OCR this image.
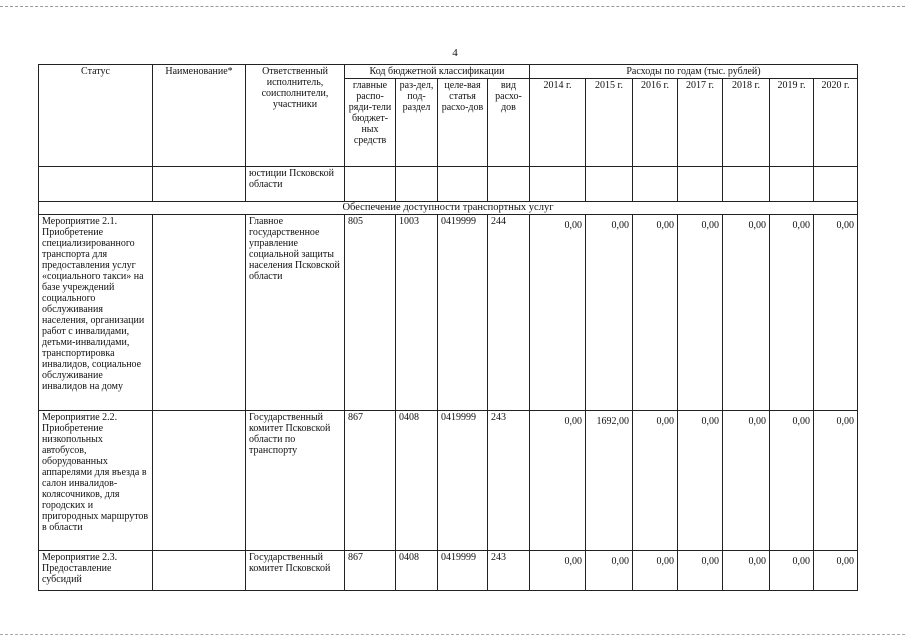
4
Статус	Наименование*	Ответственный исполнитель, соисполнители, участники	Код бюджетной классификации				Расходы по годам (тыс. рублей)						
			главные распо-ряди-тели бюджет-ных средств	раз-дел, под-раздел	целе-вая статья расхо-дов	вид расхо-дов	2014 г.	2015 г.	2016 г.	2017 г.	2018 г.	2019 г.	2020 г.
		юстиции Псковской области											
Обеспечение доступности транспортных услуг													
Мероприятие 2.1. Приобретение специализированного транспорта для предоставления услуг «социального такси» на базе учреждений социального обслуживания населения, организации работ с инвалидами, детьми-инвалидами, транспортировка инвалидов, социальное обслуживание инвалидов на дому		Главное государственное управление социальной защиты населения Псковской области	805	1003	0419999	244	0,00	0,00	0,00	0,00	0,00	0,00	0,00
Мероприятие 2.2. Приобретение низкопольных автобусов, оборудованных аппарелями для въезда в салон инвалидов-колясочников, для городских и пригородных маршрутов в области		Государственный комитет Псковской области по транспорту	867	0408	0419999	243	0,00	1692,00	0,00	0,00	0,00	0,00	0,00
Мероприятие 2.3. Предоставление субсидий		Государственный комитет Псковской	867	0408	0419999	243	0,00	0,00	0,00	0,00	0,00	0,00	0,00
